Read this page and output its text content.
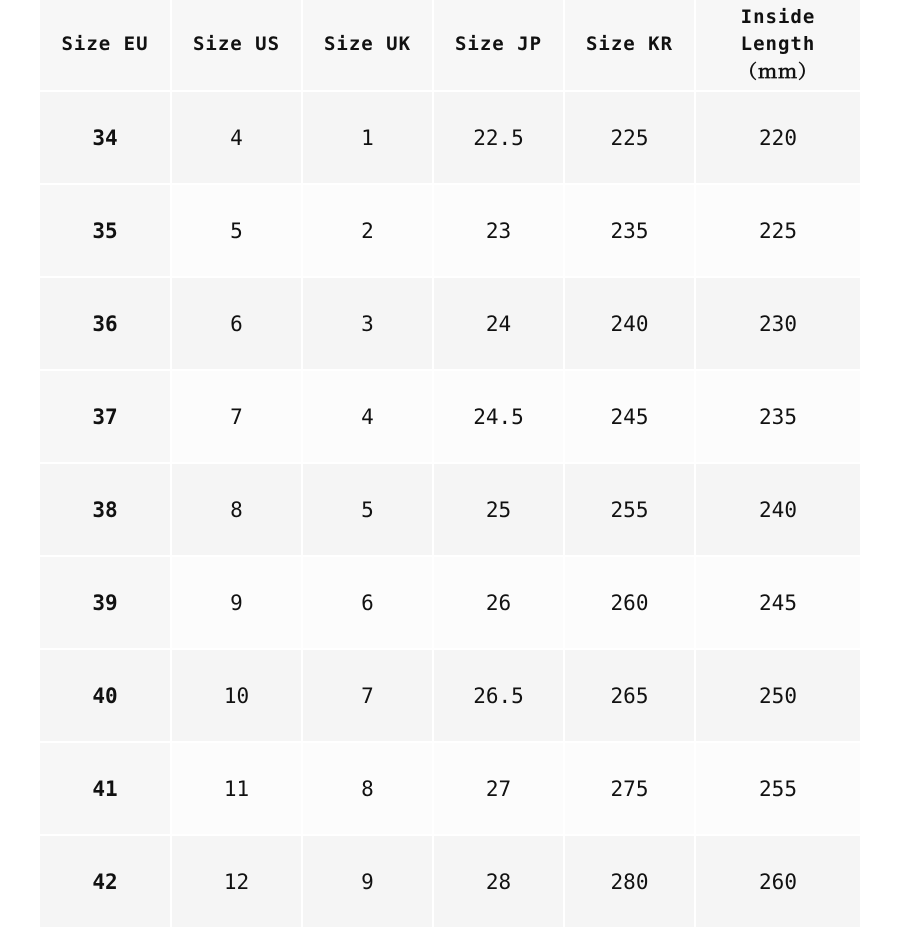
Size EU	Size US	Size UK	Size JP	Size KR	Inside Length
（ｍｍ）

34	4	1	22.5	225	220
35	5	2	23	235	225
36	6	3	24	240	230
37	7	4	24.5	245	235
38	8	5	25	255	240
39	9	6	26	260	245
40	10	7	26.5	265	250
41	11	8	27	275	255
42	12	9	28	280	260
